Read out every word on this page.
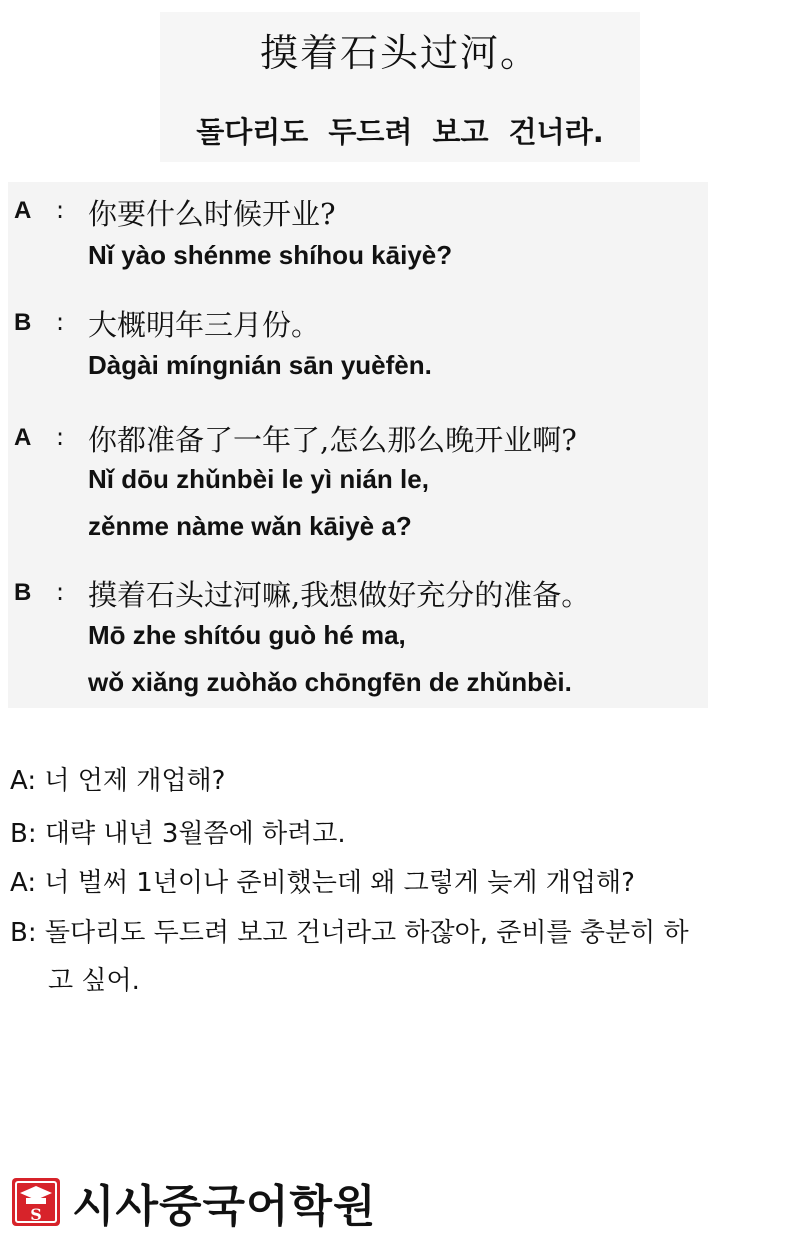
摸着石头过河。
돌다리도 두드려 보고 건너라.
A : 你要什么时候开业?
Nǐ yào shénme shíhou kāiyè?
B : 大概明年三月份。
Dàgài míngnián sān yuèfèn.
A : 你都准备了一年了,怎么那么晚开业啊?
Nǐ dōu zhǔnbèi le yì nián le,
zěnme nàme wǎn kāiyè a?
B : 摸着石头过河嘛,我想做好充分的准备。
Mō zhe shítóu guò hé ma,
wǒ xiǎng zuòhǎo chōngfēn de zhǔnbèi.
A: 너 언제 개업해?
B: 대략 내년 3월쯤에 하려고.
A: 너 벌써 1년이나 준비했는데 왜 그렇게 늦게 개업해?
B: 돌다리도 두드려 보고 건너라고 하잖아, 준비를 충분히 하
고 싶어.
S 시사중국어학원
